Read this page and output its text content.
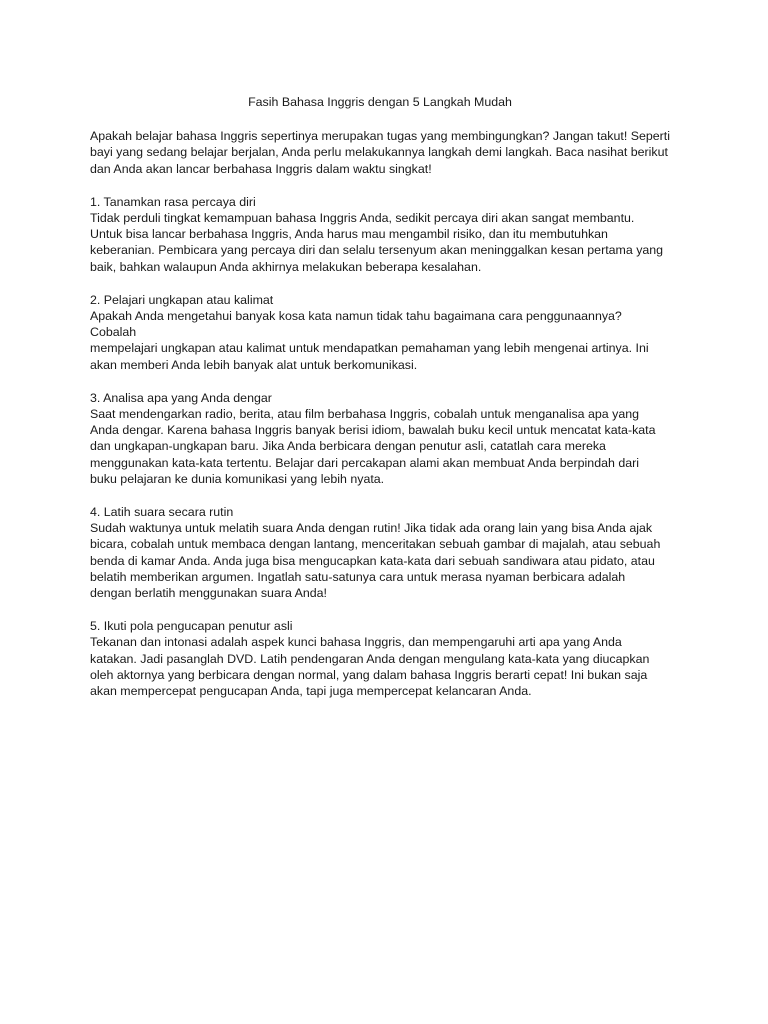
Fasih Bahasa Inggris dengan 5 Langkah Mudah

Apakah belajar bahasa Inggris sepertinya merupakan tugas yang membingungkan? Jangan takut! Seperti
bayi yang sedang belajar berjalan, Anda perlu melakukannya langkah demi langkah. Baca nasihat berikut
dan Anda akan lancar berbahasa Inggris dalam waktu singkat!

1. Tanamkan rasa percaya diri
Tidak perduli tingkat kemampuan bahasa Inggris Anda, sedikit percaya diri akan sangat membantu.
Untuk bisa lancar berbahasa Inggris, Anda harus mau mengambil risiko, dan itu membutuhkan
keberanian. Pembicara yang percaya diri dan selalu tersenyum akan meninggalkan kesan pertama yang
baik, bahkan walaupun Anda akhirnya melakukan beberapa kesalahan.
2. Pelajari ungkapan atau kalimat
Apakah Anda mengetahui banyak kosa kata namun tidak tahu bagaimana cara penggunaannya? Cobalah
mempelajari ungkapan atau kalimat untuk mendapatkan pemahaman yang lebih mengenai artinya. Ini
akan memberi Anda lebih banyak alat untuk berkomunikasi.
3. Analisa apa yang Anda dengar
Saat mendengarkan radio, berita, atau film berbahasa Inggris, cobalah untuk menganalisa apa yang
Anda dengar. Karena bahasa Inggris banyak berisi idiom, bawalah buku kecil untuk mencatat kata-kata
dan ungkapan-ungkapan baru. Jika Anda berbicara dengan penutur asli, catatlah cara mereka
menggunakan kata-kata tertentu. Belajar dari percakapan alami akan membuat Anda berpindah dari
buku pelajaran ke dunia komunikasi yang lebih nyata.
4. Latih suara secara rutin
Sudah waktunya untuk melatih suara Anda dengan rutin! Jika tidak ada orang lain yang bisa Anda ajak
bicara, cobalah untuk membaca dengan lantang, menceritakan sebuah gambar di majalah, atau sebuah
benda di kamar Anda. Anda juga bisa mengucapkan kata-kata dari sebuah sandiwara atau pidato, atau
belatih memberikan argumen. Ingatlah satu-satunya cara untuk merasa nyaman berbicara adalah
dengan berlatih menggunakan suara Anda!
5. Ikuti pola pengucapan penutur asli
Tekanan dan intonasi adalah aspek kunci bahasa Inggris, dan mempengaruhi arti apa yang Anda
katakan. Jadi pasanglah DVD. Latih pendengaran Anda dengan mengulang kata-kata yang diucapkan
oleh aktornya yang berbicara dengan normal, yang dalam bahasa Inggris berarti cepat! Ini bukan saja
akan mempercepat pengucapan Anda, tapi juga mempercepat kelancaran Anda.
